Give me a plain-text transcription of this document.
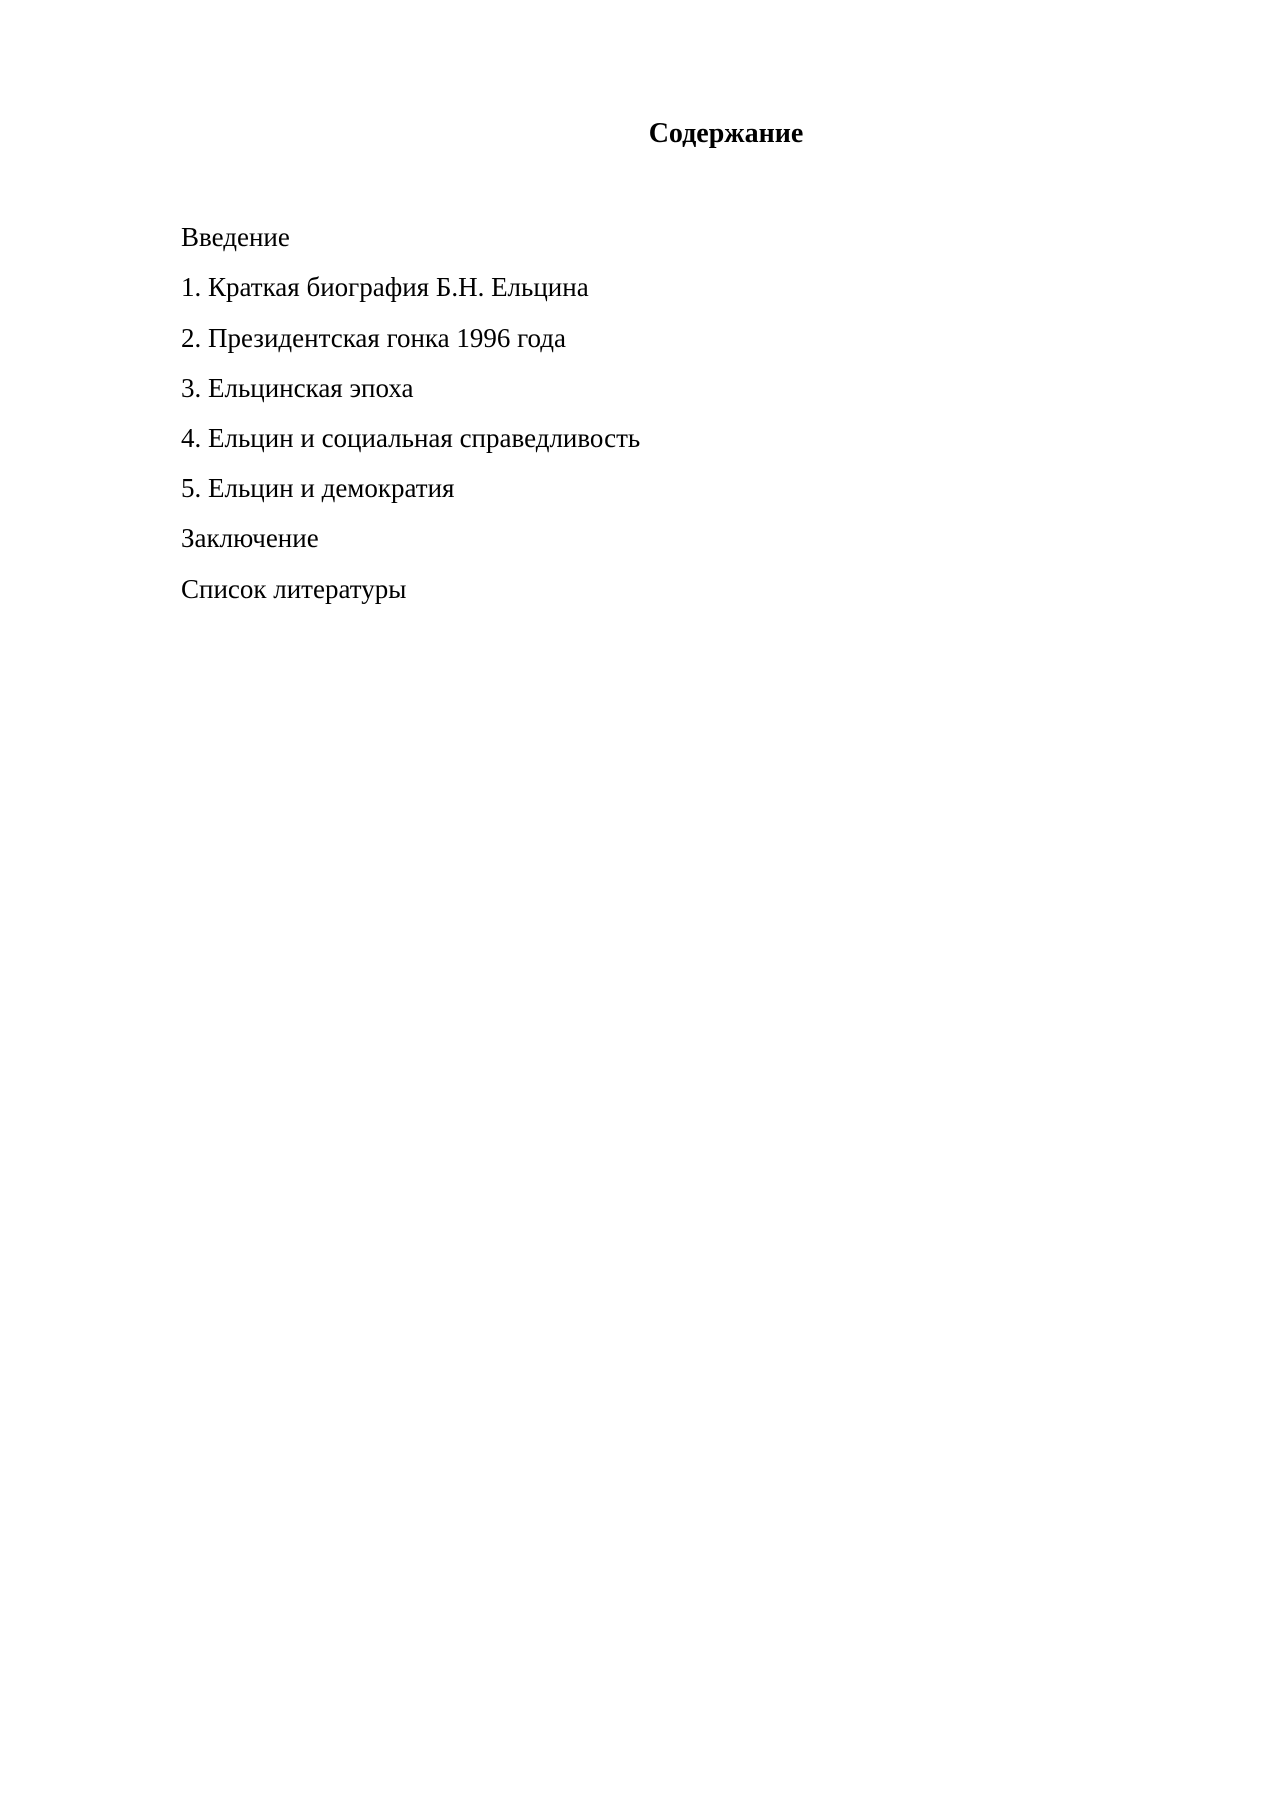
Содержание
Введение
1. Краткая биография Б.Н. Ельцина
2. Президентская гонка 1996 года
3. Ельцинская эпоха
4. Ельцин и социальная справедливость
5. Ельцин и демократия
Заключение
Список литературы
